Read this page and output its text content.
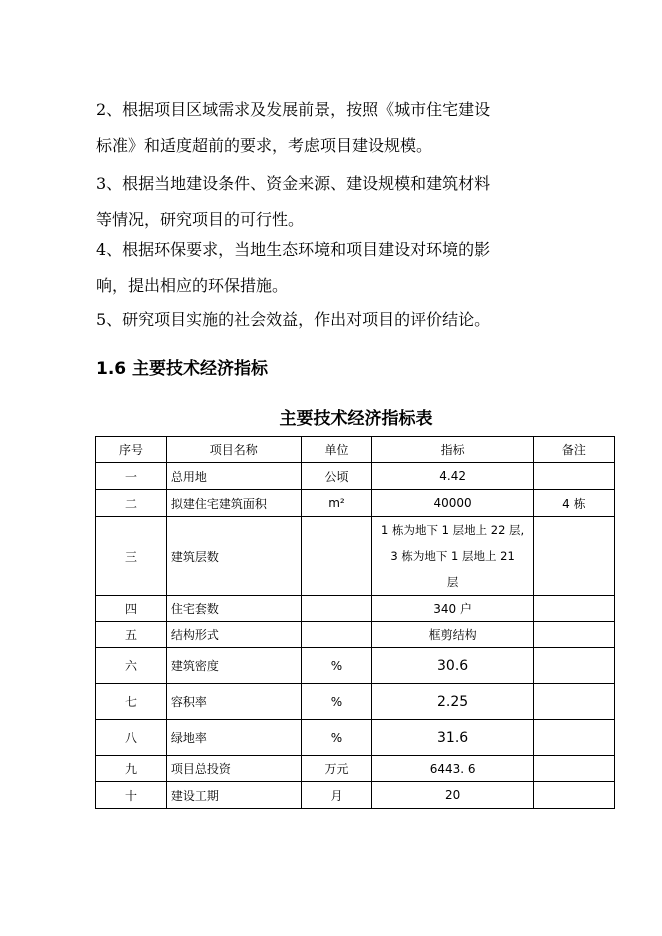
2、根据项目区域需求及发展前景，按照《城市住宅建设
标准》和适度超前的要求，考虑项目建设规模。

3、根据当地建设条件、资金来源、建设规模和建筑材料
等情况，研究项目的可行性。

4、根据环保要求，当地生态环境和项目建设对环境的影
响，提出相应的环保措施。

5、研究项目实施的社会效益，作出对项目的评价结论。

1.6 主要技术经济指标
主要技术经济指标表
序号	项目名称	单位	指标	备注
一	总用地	公顷	4.42	
二	拟建住宅建筑面积	m²	40000	4 栋
三	建筑层数		1 栋为地下 1 层地上 22 层,
3 栋为地下 1 层地上 21
层	

四	住宅套数		340 户	
五	结构形式		框剪结构	
六	建筑密度	%	30.6	
七	容积率	%	2.25	
八	绿地率	%	31.6	
九	项目总投资	万元	6443. 6	
十	建设工期	月	20	
